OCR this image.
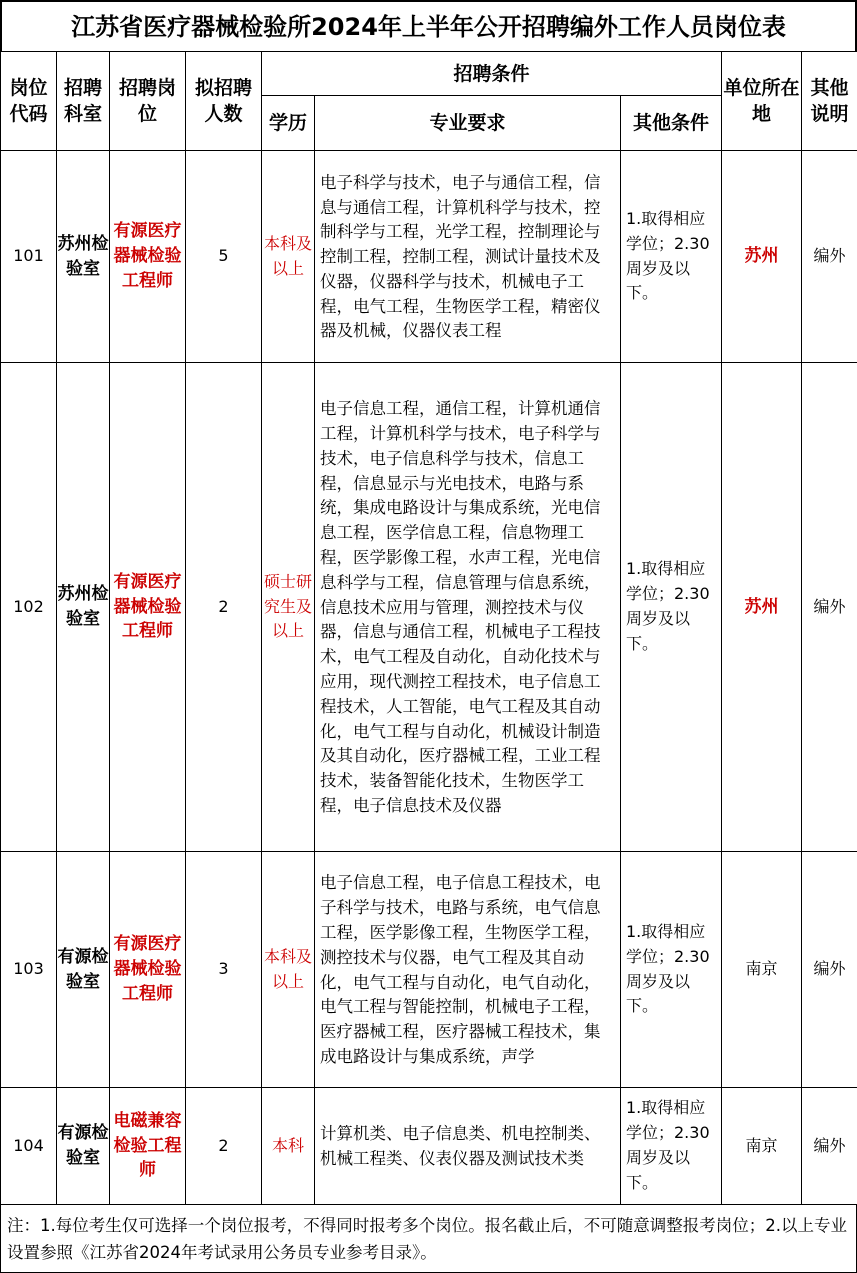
江苏省医疗器械检验所2024年上半年公开招聘编外工作人员岗位表
岗位代码	招聘科室	招聘岗位	拟招聘人数	招聘条件			单位所在地	其他说明
				学历	专业要求	其他条件		
101	苏州检验室	有源医疗器械检验工程师	5	本科及以上	电子科学与技术，电子与通信工程，信息与通信工程，计算机科学与技术，控制科学与工程，光学工程，控制理论与控制工程，控制工程，测试计量技术及仪器，仪器科学与技术，机械电子工程，电气工程，生物医学工程，精密仪器及机械，仪器仪表工程	1.取得相应学位；2.30周岁及以下。	苏州	编外
102	苏州检验室	有源医疗器械检验工程师	2	硕士研究生及以上	电子信息工程，通信工程，计算机通信工程，计算机科学与技术，电子科学与技术，电子信息科学与技术，信息工程，信息显示与光电技术，电路与系统，集成电路设计与集成系统，光电信息工程，医学信息工程，信息物理工程，医学影像工程，水声工程，光电信息科学与工程，信息管理与信息系统，信息技术应用与管理，测控技术与仪器，信息与通信工程，机械电子工程技术，电气工程及自动化，自动化技术与应用，现代测控工程技术，电子信息工程技术，人工智能，电气工程及其自动化，电气工程与自动化，机械设计制造及其自动化，医疗器械工程，工业工程技术，装备智能化技术，生物医学工程，电子信息技术及仪器	1.取得相应学位；2.30周岁及以下。	苏州	编外
103	有源检验室	有源医疗器械检验工程师	3	本科及以上	电子信息工程，电子信息工程技术，电子科学与技术，电路与系统，电气信息工程，医学影像工程，生物医学工程，测控技术与仪器，电气工程及其自动化，电气工程与自动化，电气自动化，电气工程与智能控制，机械电子工程，医疗器械工程，医疗器械工程技术，集成电路设计与集成系统，声学	1.取得相应学位；2.30周岁及以下。	南京	编外
104	有源检验室	电磁兼容检验工程师	2	本科	计算机类、电子信息类、机电控制类、机械工程类、仪表仪器及测试技术类	1.取得相应学位；2.30周岁及以下。	南京	编外
注：1.每位考生仅可选择一个岗位报考，不得同时报考多个岗位。报名截止后，不可随意调整报考岗位；2.以上专业设置参照《江苏省2024年考试录用公务员专业参考目录》。
